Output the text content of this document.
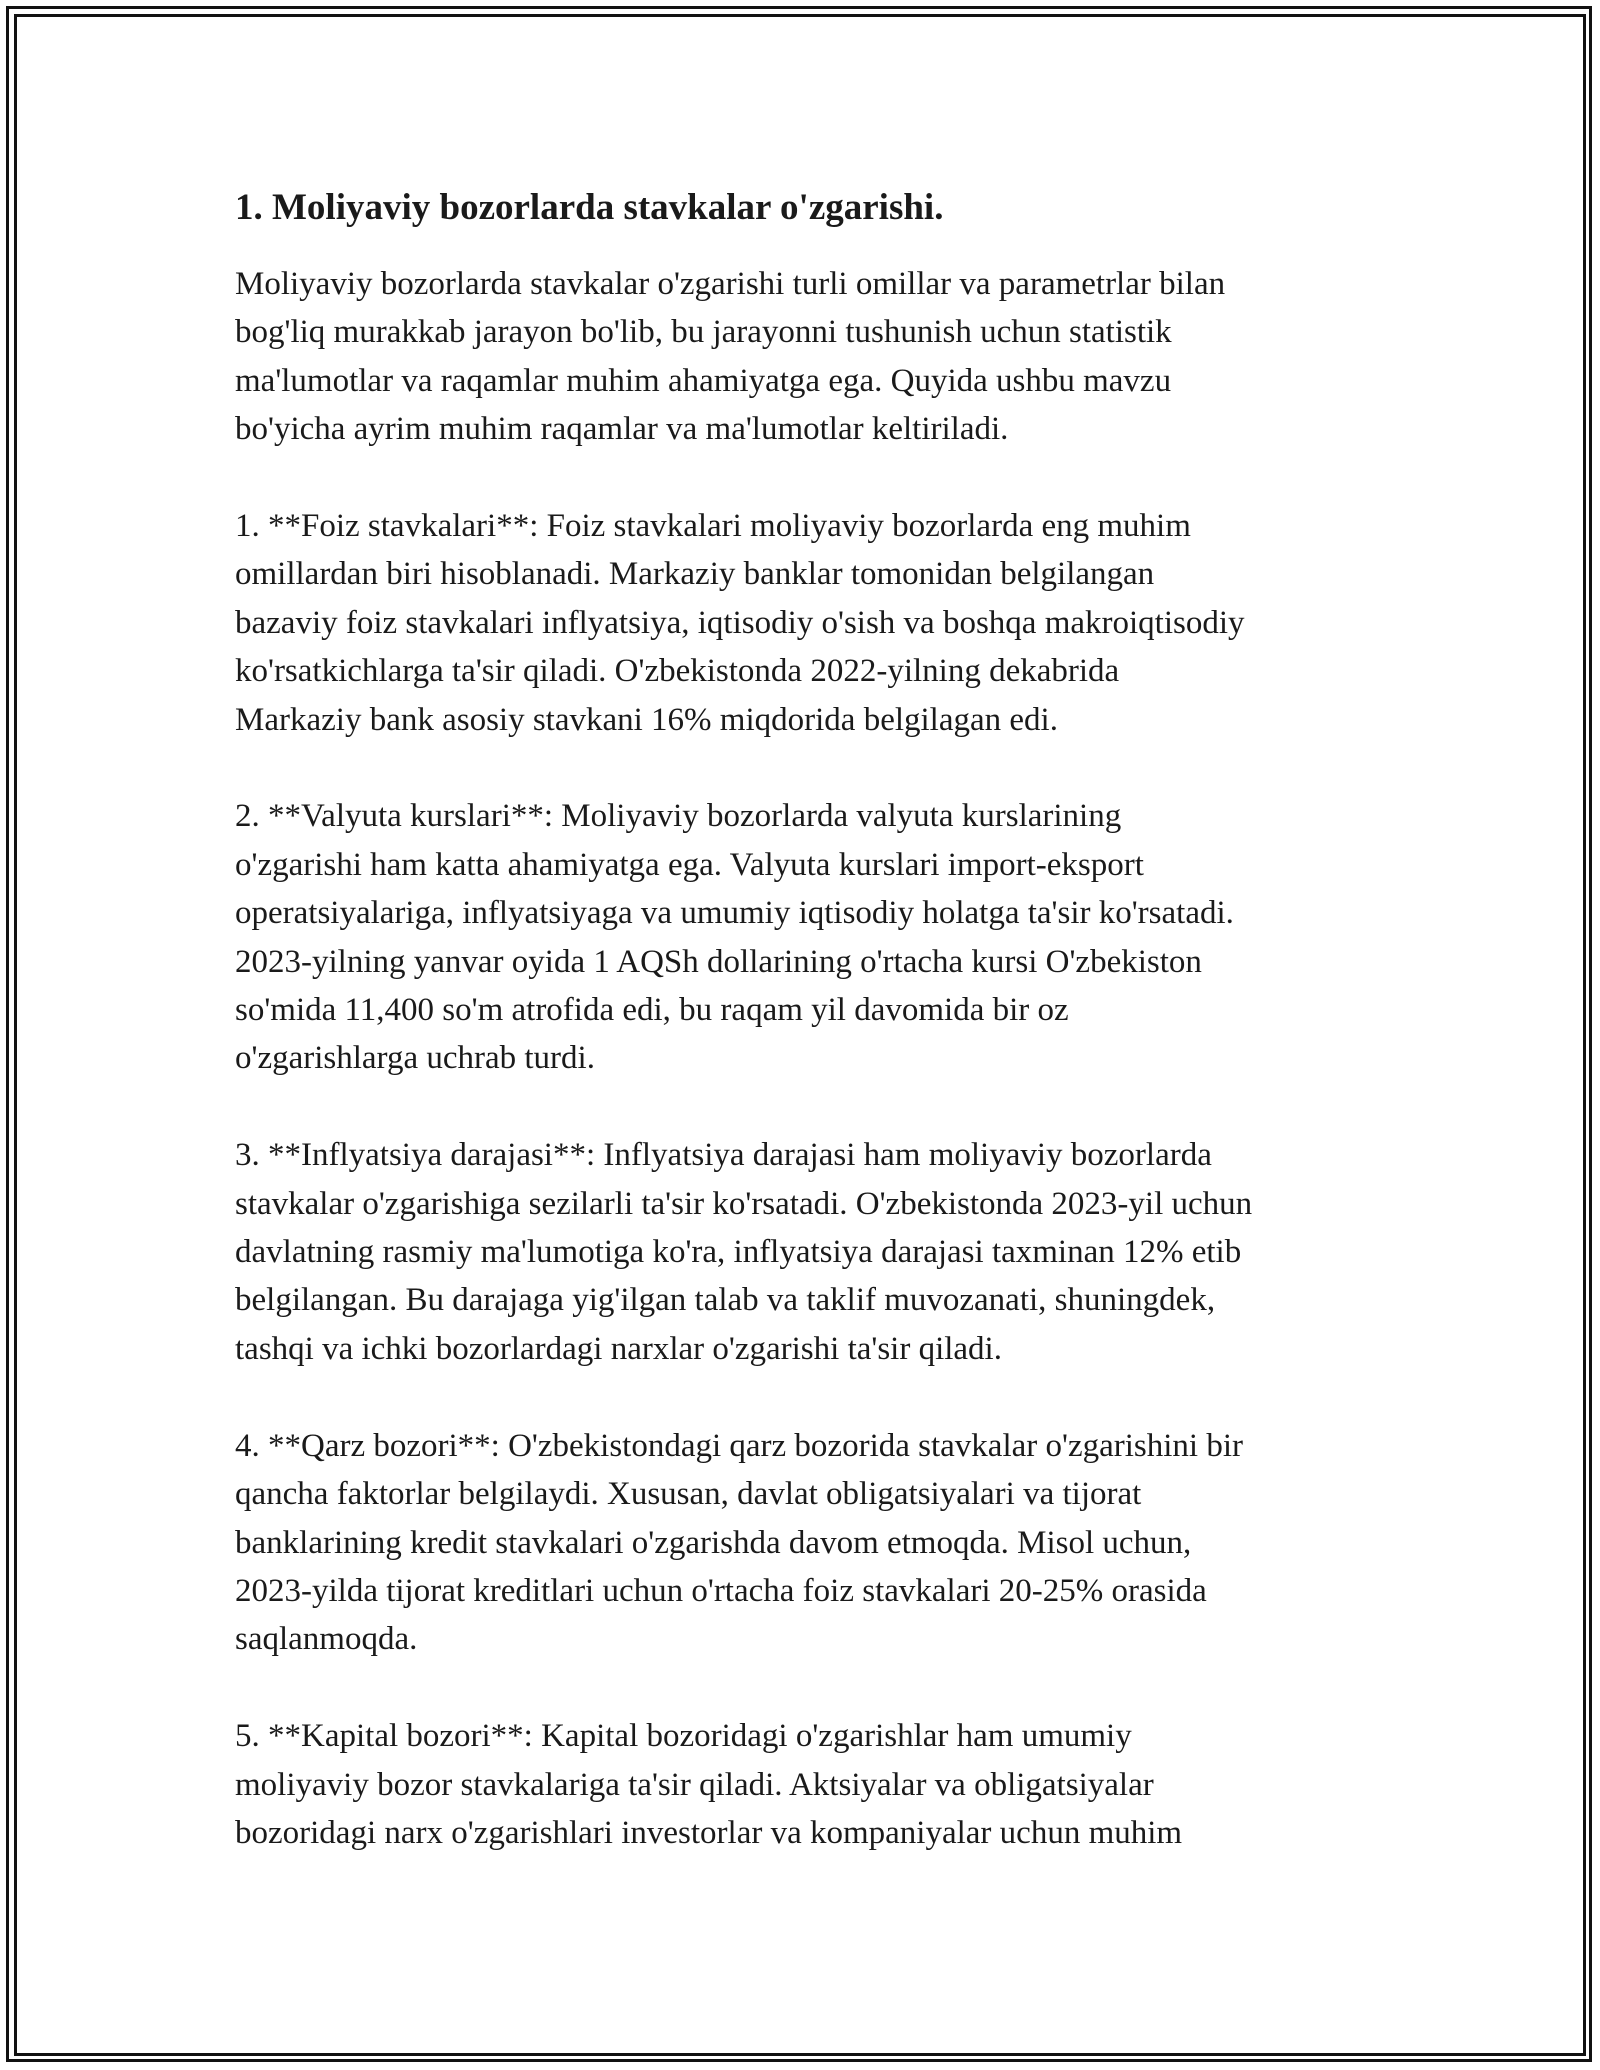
1. Moliyaviy bozorlarda stavkalar o'zgarishi.
Moliyaviy bozorlarda stavkalar o'zgarishi turli omillar va parametrlar bilan
bog'liq murakkab jarayon bo'lib, bu jarayonni tushunish uchun statistik
ma'lumotlar va raqamlar muhim ahamiyatga ega. Quyida ushbu mavzu
bo'yicha ayrim muhim raqamlar va ma'lumotlar keltiriladi.
1. **Foiz stavkalari**: Foiz stavkalari moliyaviy bozorlarda eng muhim
omillardan biri hisoblanadi. Markaziy banklar tomonidan belgilangan
bazaviy foiz stavkalari inflyatsiya, iqtisodiy o'sish va boshqa makroiqtisodiy
ko'rsatkichlarga ta'sir qiladi. O'zbekistonda 2022-yilning dekabrida
Markaziy bank asosiy stavkani 16% miqdorida belgilagan edi.
2. **Valyuta kurslari**: Moliyaviy bozorlarda valyuta kurslarining
o'zgarishi ham katta ahamiyatga ega. Valyuta kurslari import-eksport
operatsiyalariga, inflyatsiyaga va umumiy iqtisodiy holatga ta'sir ko'rsatadi.
2023-yilning yanvar oyida 1 AQSh dollarining o'rtacha kursi O'zbekiston
so'mida 11,400 so'm atrofida edi, bu raqam yil davomida bir oz
o'zgarishlarga uchrab turdi.
3. **Inflyatsiya darajasi**: Inflyatsiya darajasi ham moliyaviy bozorlarda
stavkalar o'zgarishiga sezilarli ta'sir ko'rsatadi. O'zbekistonda 2023-yil uchun
davlatning rasmiy ma'lumotiga ko'ra, inflyatsiya darajasi taxminan 12% etib
belgilangan. Bu darajaga yig'ilgan talab va taklif muvozanati, shuningdek,
tashqi va ichki bozorlardagi narxlar o'zgarishi ta'sir qiladi.
4. **Qarz bozori**: O'zbekistondagi qarz bozorida stavkalar o'zgarishini bir
qancha faktorlar belgilaydi. Xususan, davlat obligatsiyalari va tijorat
banklarining kredit stavkalari o'zgarishda davom etmoqda. Misol uchun,
2023-yilda tijorat kreditlari uchun o'rtacha foiz stavkalari 20-25% orasida
saqlanmoqda.
5. **Kapital bozori**: Kapital bozoridagi o'zgarishlar ham umumiy
moliyaviy bozor stavkalariga ta'sir qiladi. Aktsiyalar va obligatsiyalar
bozoridagi narx o'zgarishlari investorlar va kompaniyalar uchun muhim
